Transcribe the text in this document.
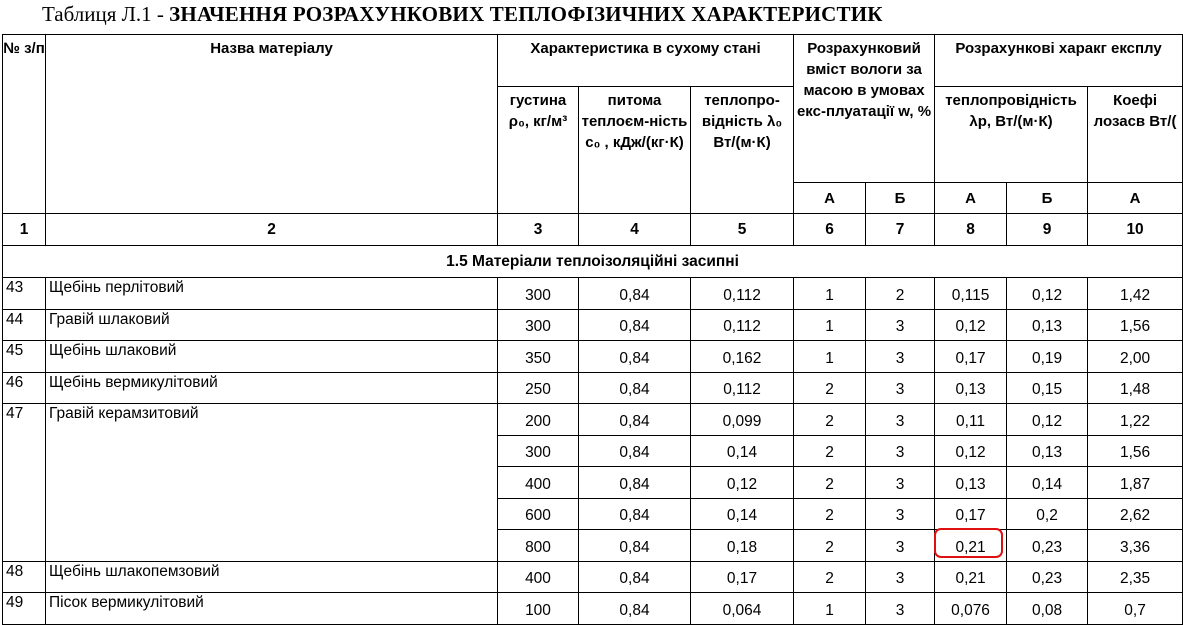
Таблиця Л.1 - ЗНАЧЕННЯ РОЗРАХУНКОВИХ ТЕПЛОФІЗИЧНИХ ХАРАКТЕРИСТИК
№ з/п	Назва матеріалу	Характеристика в сухому стані			Розрахунковий вміст вологи за масою в умовах екс-плуатації w, %		Розрахункові харакг експлу		
		густина ρ₀, кг/м³	питома теплоєм-ність c₀ , кДж/(кг·К)	теплопро-відність λ₀ Вт/(м·К)			теплопровідність λр, Вт/(м·К)		Коефі лозасв Вт/(
					А	Б	А	Б	А
1	2	3	4	5	6	7	8	9	10
1.5 Матеріали теплоізоляційні засипні									
43	Щебінь перлітовий	300	0,84	0,112	1	2	0,115	0,12	1,42
44	Гравій шлаковий	300	0,84	0,112	1	3	0,12	0,13	1,56
45	Щебінь шлаковий	350	0,84	0,162	1	3	0,17	0,19	2,00
46	Щебінь вермикулітовий	250	0,84	0,112	2	3	0,13	0,15	1,48
47	Гравій керамзитовий	200	0,84	0,099	2	3	0,11	0,12	1,22
		300	0,84	0,14	2	3	0,12	0,13	1,56
		400	0,84	0,12	2	3	0,13	0,14	1,87
		600	0,84	0,14	2	3	0,17	0,2	2,62
		800	0,84	0,18	2	3	0,21	0,23	3,36
48	Щебінь шлакопемзовий	400	0,84	0,17	2	3	0,21	0,23	2,35
49	Пісок вермикулітовий	100	0,84	0,064	1	3	0,076	0,08	0,7
